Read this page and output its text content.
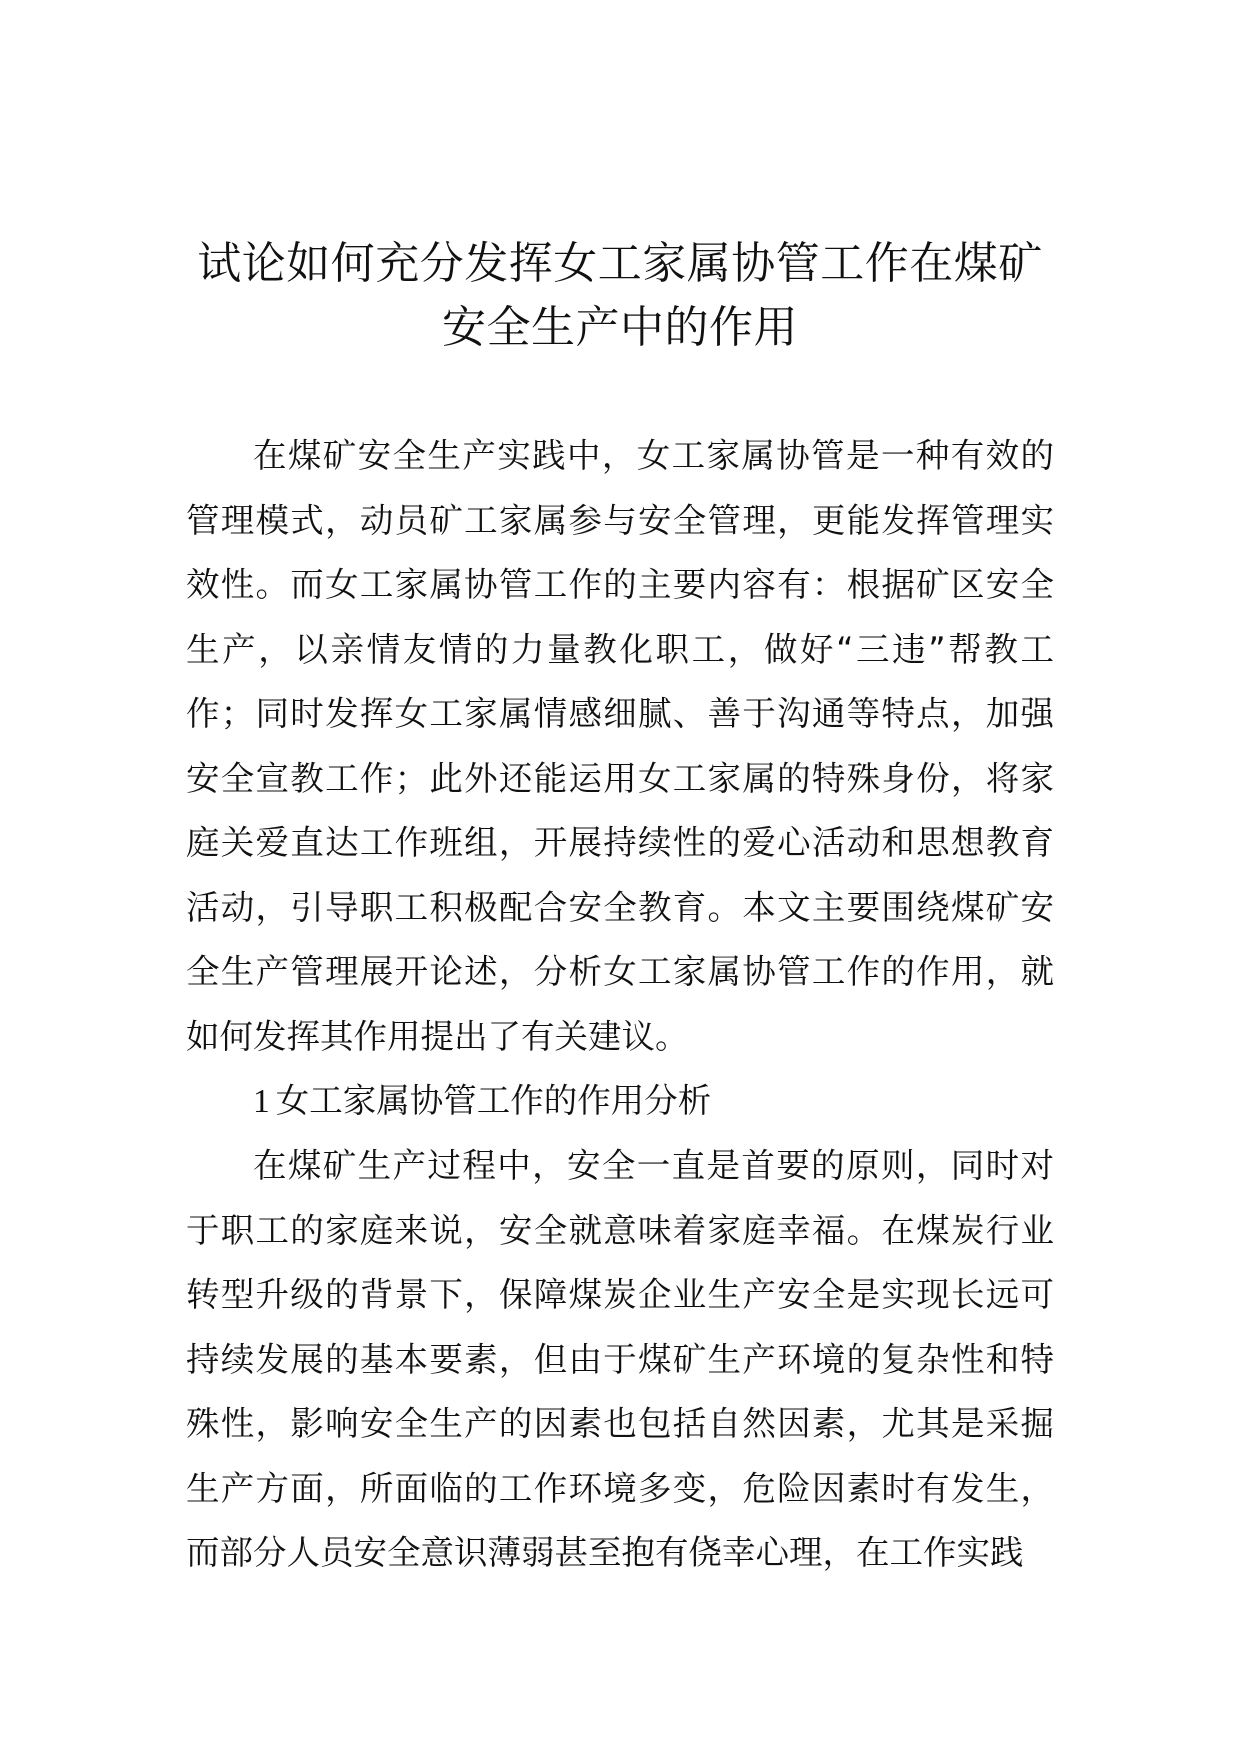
试论如何充分发挥女工家属协管工作在煤矿安全生产中的作用

在煤矿安全生产实践中，女工家属协管是一种有效的管理模式，动员矿工家属参与安全管理，更能发挥管理实效性。而女工家属协管工作的主要内容有：根据矿区安全生产，以亲情友情的力量教化职工，做好“三违”帮教工作；同时发挥女工家属情感细腻、善于沟通等特点，加强安全宣教工作；此外还能运用女工家属的特殊身份，将家庭关爱直达工作班组，开展持续性的爱心活动和思想教育活动，引导职工积极配合安全教育。本文主要围绕煤矿安全生产管理展开论述，分析女工家属协管工作的作用，就如何发挥其作用提出了有关建议。

1 女工家属协管工作的作用分析

在煤矿生产过程中，安全一直是首要的原则，同时对于职工的家庭来说，安全就意味着家庭幸福。在煤炭行业转型升级的背景下，保障煤炭企业生产安全是实现长远可持续发展的基本要素，但由于煤矿生产环境的复杂性和特殊性，影响安全生产的因素也包括自然因素，尤其是采掘生产方面，所面临的工作环境多变，危险因素时有发生，而部分人员安全意识薄弱甚至抱有侥幸心理，在工作实践
